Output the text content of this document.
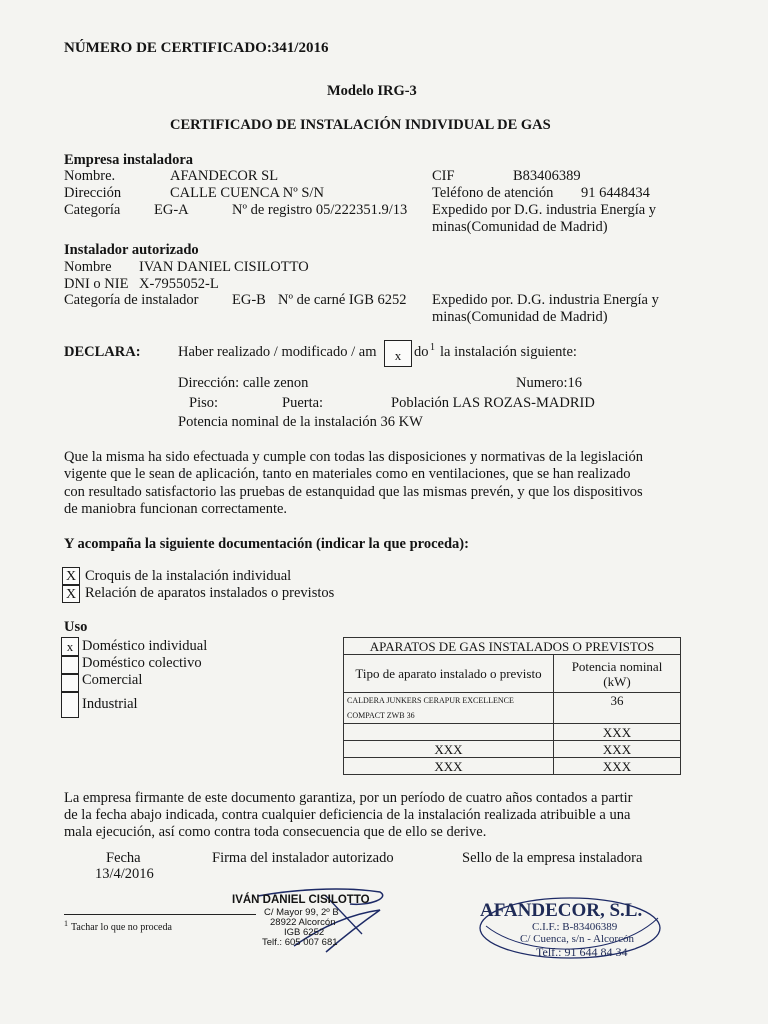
NÚMERO DE CERTIFICADO:341/2016
Modelo IRG-3
CERTIFICADO DE INSTALACIÓN INDIVIDUAL DE GAS
Empresa instaladora
Nombre.	AFANDECOR SL	CIF	B83406389
Dirección	CALLE CUENCA Nº S/N	Teléfono de atención 91 6448434
Categoría EG-A	Nº de registro 05/222351.9/13 Expedido por D.G. industria Energía y
minas(Comunidad de Madrid)
Instalador autorizado
Nombre IVAN DANIEL CISILOTTO
DNI o NIE X-7955052-L
Categoría de instalador EG-B Nº de carné IGB 6252 Expedido por. D.G. industria Energía y
minas(Comunidad de Madrid)
DECLARA:	Haber realizado / modificado / am	x do 1 la instalación siguiente:
Dirección: calle zenon	Numero:16
Piso:	Puerta:	Población LAS ROZAS-MADRID
Potencia nominal de la instalación 36 KW
Que la misma ha sido efectuada y cumple con todas las disposiciones y normativas de la legislación
vigente que le sean de aplicación, tanto en materiales como en ventilaciones, que se han realizado
con resultado satisfactorio las pruebas de estanquidad que las mismas prevén, y que los dispositivos
de maniobra funcionan correctamente.
Y acompaña la siguiente documentación (indicar la que proceda):
X Croquis de la instalación individual
X Relación de aparatos instalados o previstos
Uso
x Doméstico individual
Doméstico colectivo
Comercial
Industrial
APARATOS DE GAS INSTALADOS O PREVISTOS	
Tipo de aparato instalado o previsto	Potencia nominal (kW)
CALDERA JUNKERS CERAPUR EXCELLENCE COMPACT ZWB 36	36
	XXX
XXX	XXX
XXX	XXX
La empresa firmante de este documento garantiza, por un período de cuatro años contados a partir
de la fecha abajo indicada, contra cualquier deficiencia de la instalación realizada atribuible a una
mala ejecución, así como contra toda consecuencia que de ello se derive.
Fecha
13/4/2016
Firma del instalador autorizado	Sello de la empresa instaladora
1 Tachar lo que no proceda
IVÁN DANIEL CISILOTTO
C/ Mayor 99, 2º B
28922 Alcorcón
IGB 6252
Telf.: 605 007 681
AFANDECOR, S.L.
C.I.F.: B-83406389
C/ Cuenca, s/n - Alcorcón
Telf.: 91 644 84 34
